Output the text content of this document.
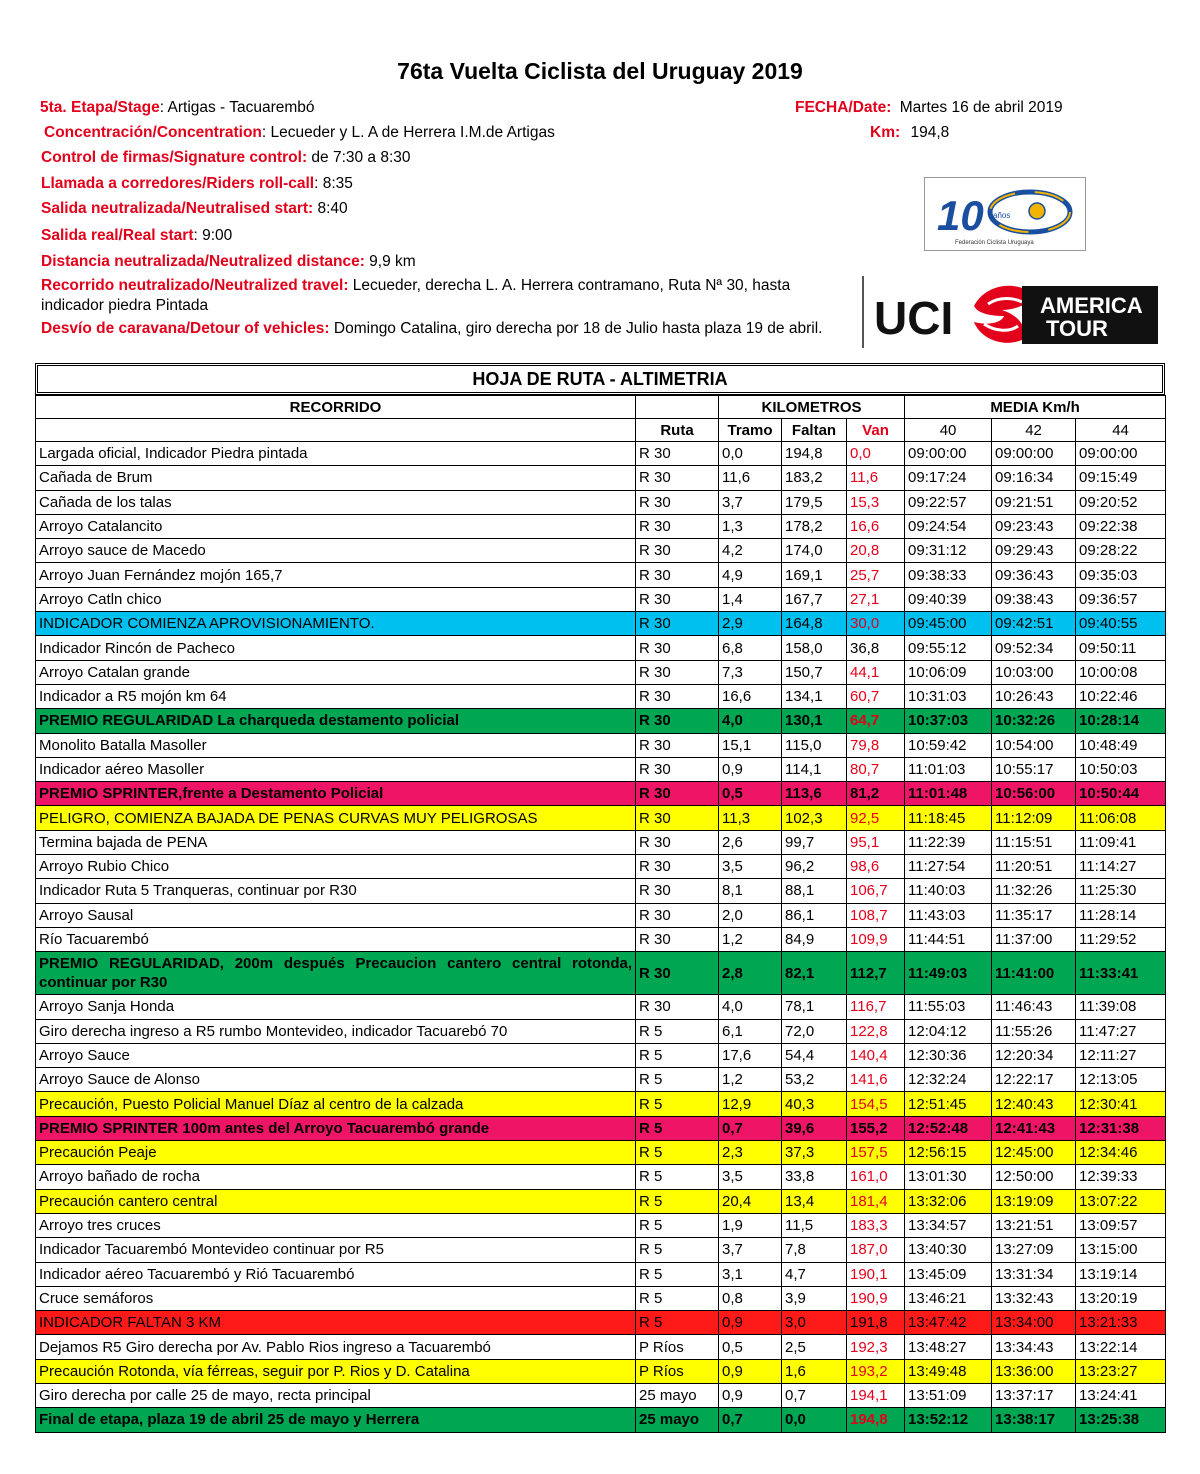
76ta Vuelta Ciclista del Uruguay 2019
5ta. Etapa/Stage: Artigas - Tacuarembó	FECHA/Date: Martes 16 de abril 2019
Concentración/Concentration: Lecueder y L. A de Herrera I.M.de Artigas	Km: 194,8
Control de firmas/Signature control: de 7:30 a 8:30
Llamada a corredores/Riders roll-call: 8:35
Salida neutralizada/Neutralised start: 8:40
Salida real/Real start: 9:00
Distancia neutralizada/Neutralized distance: 9,9 km
Recorrido neutralizado/Neutralized travel: Lecueder, derecha L. A. Herrera contramano, Ruta Nª 30, hasta indicador piedra Pintada
Desvío de caravana/Detour of vehicles: Domingo Catalina, giro derecha por 18 de Julio hasta plaza 19 de abril.
10 años
Federación Ciclista Uruguaya
UCI	AMERICA
TOUR
HOJA DE RUTA - ALTIMETRIA
RECORRIDO		KILOMETROS			MEDIA Km/h		
	Ruta	Tramo	Faltan	Van	40	42	44
Largada oficial, Indicador Piedra pintada	R 30	0,0	194,8	0,0	09:00:00	09:00:00	09:00:00
Cañada de Brum	R 30	11,6	183,2	11,6	09:17:24	09:16:34	09:15:49
Cañada de los talas	R 30	3,7	179,5	15,3	09:22:57	09:21:51	09:20:52
Arroyo Catalancito	R 30	1,3	178,2	16,6	09:24:54	09:23:43	09:22:38
Arroyo sauce de Macedo	R 30	4,2	174,0	20,8	09:31:12	09:29:43	09:28:22
Arroyo Juan Fernández mojón 165,7	R 30	4,9	169,1	25,7	09:38:33	09:36:43	09:35:03
Arroyo Catln chico	R 30	1,4	167,7	27,1	09:40:39	09:38:43	09:36:57
INDICADOR COMIENZA APROVISIONAMIENTO.	R 30	2,9	164,8	30,0	09:45:00	09:42:51	09:40:55
Indicador Rincón de Pacheco	R 30	6,8	158,0	36,8	09:55:12	09:52:34	09:50:11
Arroyo Catalan grande	R 30	7,3	150,7	44,1	10:06:09	10:03:00	10:00:08
Indicador a R5 mojón km 64	R 30	16,6	134,1	60,7	10:31:03	10:26:43	10:22:46
PREMIO REGULARIDAD La charqueda destamento policial	R 30	4,0	130,1	64,7	10:37:03	10:32:26	10:28:14
Monolito Batalla Masoller	R 30	15,1	115,0	79,8	10:59:42	10:54:00	10:48:49
Indicador aéreo Masoller	R 30	0,9	114,1	80,7	11:01:03	10:55:17	10:50:03
PREMIO SPRINTER,frente a Destamento Policial	R 30	0,5	113,6	81,2	11:01:48	10:56:00	10:50:44
PELIGRO, COMIENZA BAJADA DE PENAS CURVAS MUY PELIGROSAS	R 30	11,3	102,3	92,5	11:18:45	11:12:09	11:06:08
Termina bajada de PENA	R 30	2,6	99,7	95,1	11:22:39	11:15:51	11:09:41
Arroyo Rubio Chico	R 30	3,5	96,2	98,6	11:27:54	11:20:51	11:14:27
Indicador Ruta 5 Tranqueras, continuar por R30	R 30	8,1	88,1	106,7	11:40:03	11:32:26	11:25:30
Arroyo Sausal	R 30	2,0	86,1	108,7	11:43:03	11:35:17	11:28:14
Río Tacuarembó	R 30	1,2	84,9	109,9	11:44:51	11:37:00	11:29:52
PREMIO REGULARIDAD, 200m después Precaucion cantero central rotonda, continuar por R30	R 30	2,8	82,1	112,7	11:49:03	11:41:00	11:33:41
Arroyo Sanja Honda	R 30	4,0	78,1	116,7	11:55:03	11:46:43	11:39:08
Giro derecha ingreso a R5 rumbo Montevideo, indicador Tacuarebó 70	R 5	6,1	72,0	122,8	12:04:12	11:55:26	11:47:27
Arroyo Sauce	R 5	17,6	54,4	140,4	12:30:36	12:20:34	12:11:27
Arroyo Sauce de Alonso	R 5	1,2	53,2	141,6	12:32:24	12:22:17	12:13:05
Precaución, Puesto Policial Manuel Díaz al centro de la calzada	R 5	12,9	40,3	154,5	12:51:45	12:40:43	12:30:41
PREMIO SPRINTER 100m antes del Arroyo Tacuarembó grande	R 5	0,7	39,6	155,2	12:52:48	12:41:43	12:31:38
Precaución Peaje	R 5	2,3	37,3	157,5	12:56:15	12:45:00	12:34:46
Arroyo bañado de rocha	R 5	3,5	33,8	161,0	13:01:30	12:50:00	12:39:33
Precaución cantero central	R 5	20,4	13,4	181,4	13:32:06	13:19:09	13:07:22
Arroyo tres cruces	R 5	1,9	11,5	183,3	13:34:57	13:21:51	13:09:57
Indicador Tacuarembó Montevideo continuar por R5	R 5	3,7	7,8	187,0	13:40:30	13:27:09	13:15:00
Indicador aéreo Tacuarembó y Rió Tacuarembó	R 5	3,1	4,7	190,1	13:45:09	13:31:34	13:19:14
Cruce semáforos	R 5	0,8	3,9	190,9	13:46:21	13:32:43	13:20:19
INDICADOR FALTAN 3 KM	R 5	0,9	3,0	191,8	13:47:42	13:34:00	13:21:33
Dejamos R5 Giro derecha por Av. Pablo Rios ingreso a Tacuarembó	P Ríos	0,5	2,5	192,3	13:48:27	13:34:43	13:22:14
Precaución Rotonda, vía férreas, seguir por P. Rios y D. Catalina	P Ríos	0,9	1,6	193,2	13:49:48	13:36:00	13:23:27
Giro derecha por calle 25 de mayo, recta principal	25 mayo	0,9	0,7	194,1	13:51:09	13:37:17	13:24:41
Final de etapa, plaza 19 de abril 25 de mayo y Herrera	25 mayo	0,7	0,0	194,8	13:52:12	13:38:17	13:25:38
